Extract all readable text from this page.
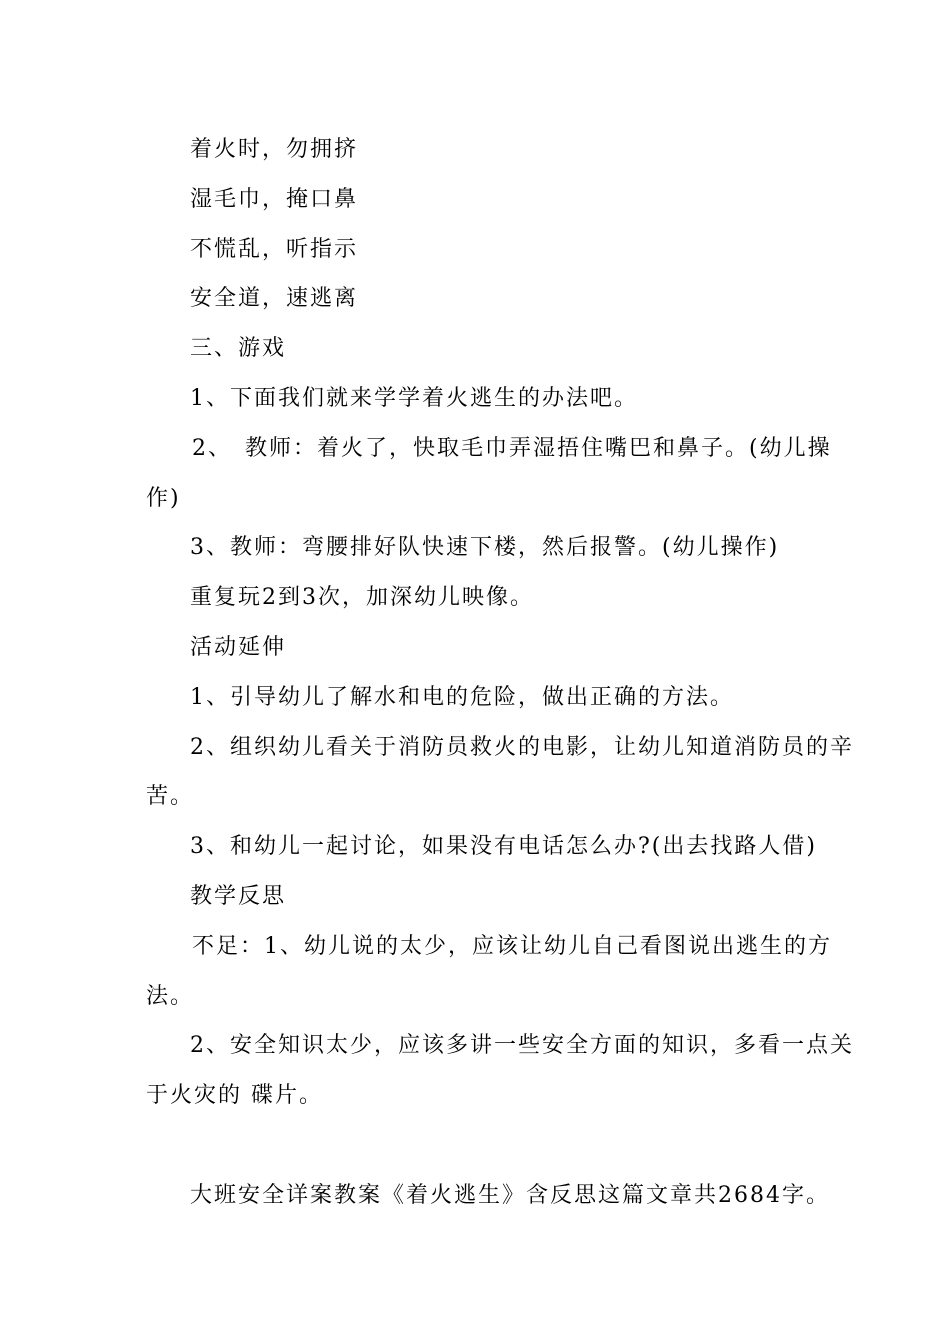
着火时，勿拥挤
湿毛巾，掩口鼻
不慌乱，听指示
安全道，速逃离
三、游戏
1、下面我们就来学学着火逃生的办法吧。
2、　教师：着火了，快取毛巾弄湿捂住嘴巴和鼻子。(幼儿操
作)
3、教师：弯腰排好队快速下楼，然后报警。(幼儿操作)
重复玩2到3次，加深幼儿映像。
活动延伸
1、引导幼儿了解水和电的危险，做出正确的方法。
2、组织幼儿看关于消防员救火的电影，让幼儿知道消防员的辛
苦。
3、和幼儿一起讨论，如果没有电话怎么办?(出去找路人借)
教学反思
不足：1、幼儿说的太少，应该让幼儿自己看图说出逃生的方
法。
2、安全知识太少，应该多讲一些安全方面的知识，多看一点关
于火灾的 碟片。
大班安全详案教案《着火逃生》含反思这篇文章共2684字。
